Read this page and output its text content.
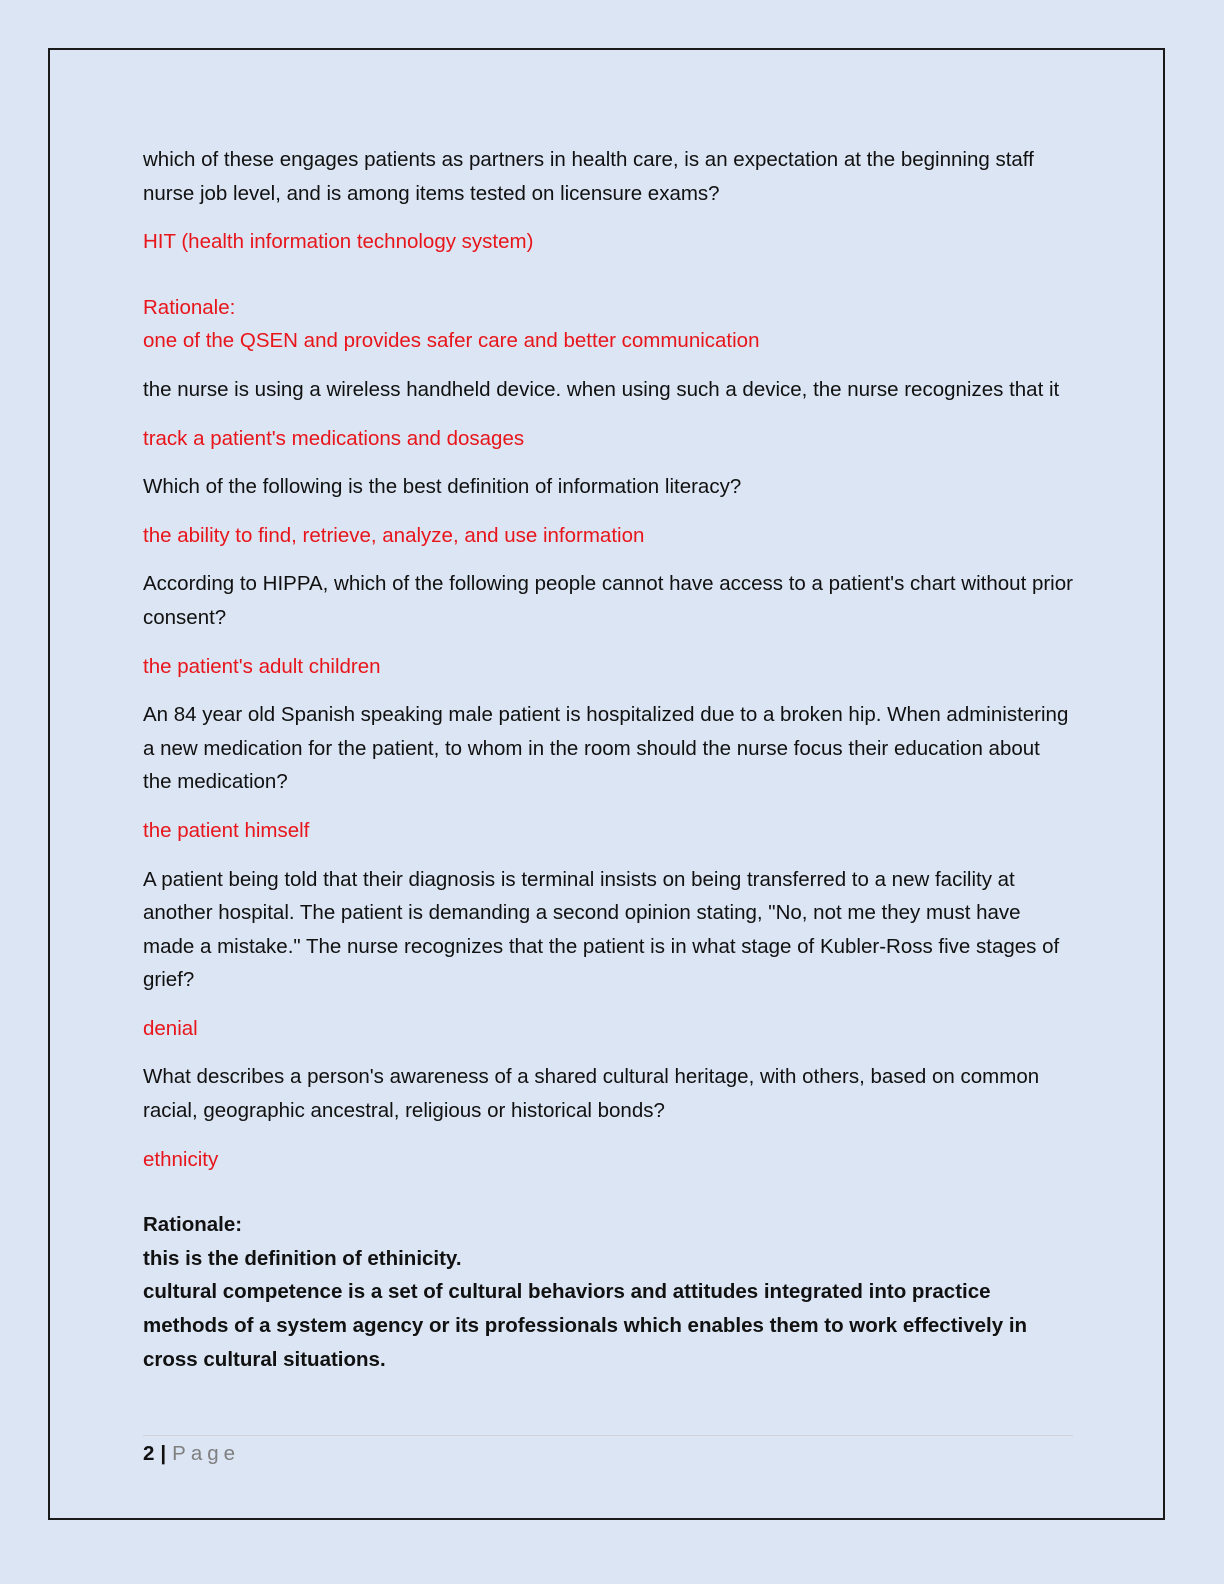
which of these engages patients as partners in health care, is an expectation at the beginning staff nurse job level, and is among items tested on licensure exams?

HIT (health information technology system)

Rationale:

one of the QSEN and provides safer care and better communication

the nurse is using a wireless handheld device. when using such a device, the nurse recognizes that it

track a patient's medications and dosages

Which of the following is the best definition of information literacy?

the ability to find, retrieve, analyze, and use information

According to HIPPA, which of the following people cannot have access to a patient's chart without prior consent?

the patient's adult children

An 84 year old Spanish speaking male patient is hospitalized due to a broken hip. When administering a new medication for the patient, to whom in the room should the nurse focus their education about the medication?

the patient himself

A patient being told that their diagnosis is terminal insists on being transferred to a new facility at another hospital. The patient is demanding a second opinion stating, "No, not me they must have made a mistake." The nurse recognizes that the patient is in what stage of Kubler-Ross five stages of grief?

denial

What describes a person's awareness of a shared cultural heritage, with others, based on common racial, geographic ancestral, religious or historical bonds?

ethnicity

Rationale:

this is the definition of ethinicity.

cultural competence is a set of cultural behaviors and attitudes integrated into practice methods of a system agency or its professionals which enables them to work effectively in cross cultural situations.

2 | Page
